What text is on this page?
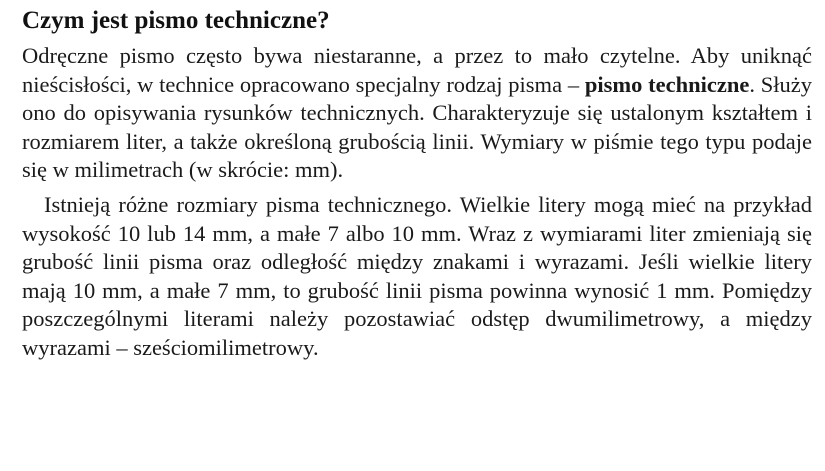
Czym jest pismo techniczne?

Odręczne pismo często bywa niestaranne, a przez to mało czytelne. Aby uniknąć nieścisłości, w technice opracowano specjalny rodzaj pisma – pismo techniczne. Służy ono do opisywania rysunków technicznych. Charakteryzuje się ustalonym kształtem i rozmiarem liter, a także określoną grubością linii. Wymiary w piśmie tego typu podaje się w milimetrach (w skrócie: mm).

Istnieją różne rozmiary pisma technicznego. Wielkie litery mogą mieć na przykład wysokość 10 lub 14 mm, a małe 7 albo 10 mm. Wraz z wymiarami liter zmieniają się grubość linii pisma oraz odległość między znakami i wyrazami. Jeśli wielkie litery mają 10 mm, a małe 7 mm, to grubość linii pisma powinna wynosić 1 mm. Pomiędzy poszczególnymi literami należy pozostawiać odstęp dwumilimetrowy, a między wyrazami – sześciomilimetrowy.
